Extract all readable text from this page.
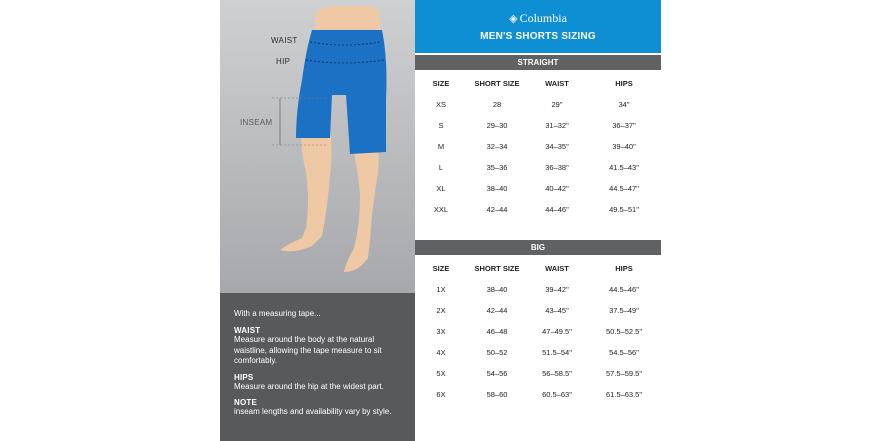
WAIST
HIP
INSEAM
With a measuring tape...
WAIST
Measure around the body at the natural waistline, allowing the tape measure to sit comfortably.
HIPS
Measure around the hip at the widest part.
NOTE
inseam lengths and availability vary by style.
◈ Columbia
MEN'S SHORTS SIZING
STRAIGHT
SIZE	SHORT SIZE	WAIST	HIPS
XS	28	29"	34"
S	29–30	31–32"	36–37"
M	32–34	34–35"	39–40"
L	35–36	36–38"	41.5–43"
XL	38–40	40–42"	44.5–47"
XXL	42–44	44–46"	49.5–51"
BIG
SIZE	SHORT SIZE	WAIST	HIPS
1X	38–40	39–42"	44.5–46"
2X	42–44	43–45"	37.5–49"
3X	46–48	47–49.5"	50.5–52.5"
4X	50–52	51.5–54"	54.5–56"
5X	54–56	56–58.5"	57.5–59.5"
6X	58–60	60.5–63"	61.5–63.5"
